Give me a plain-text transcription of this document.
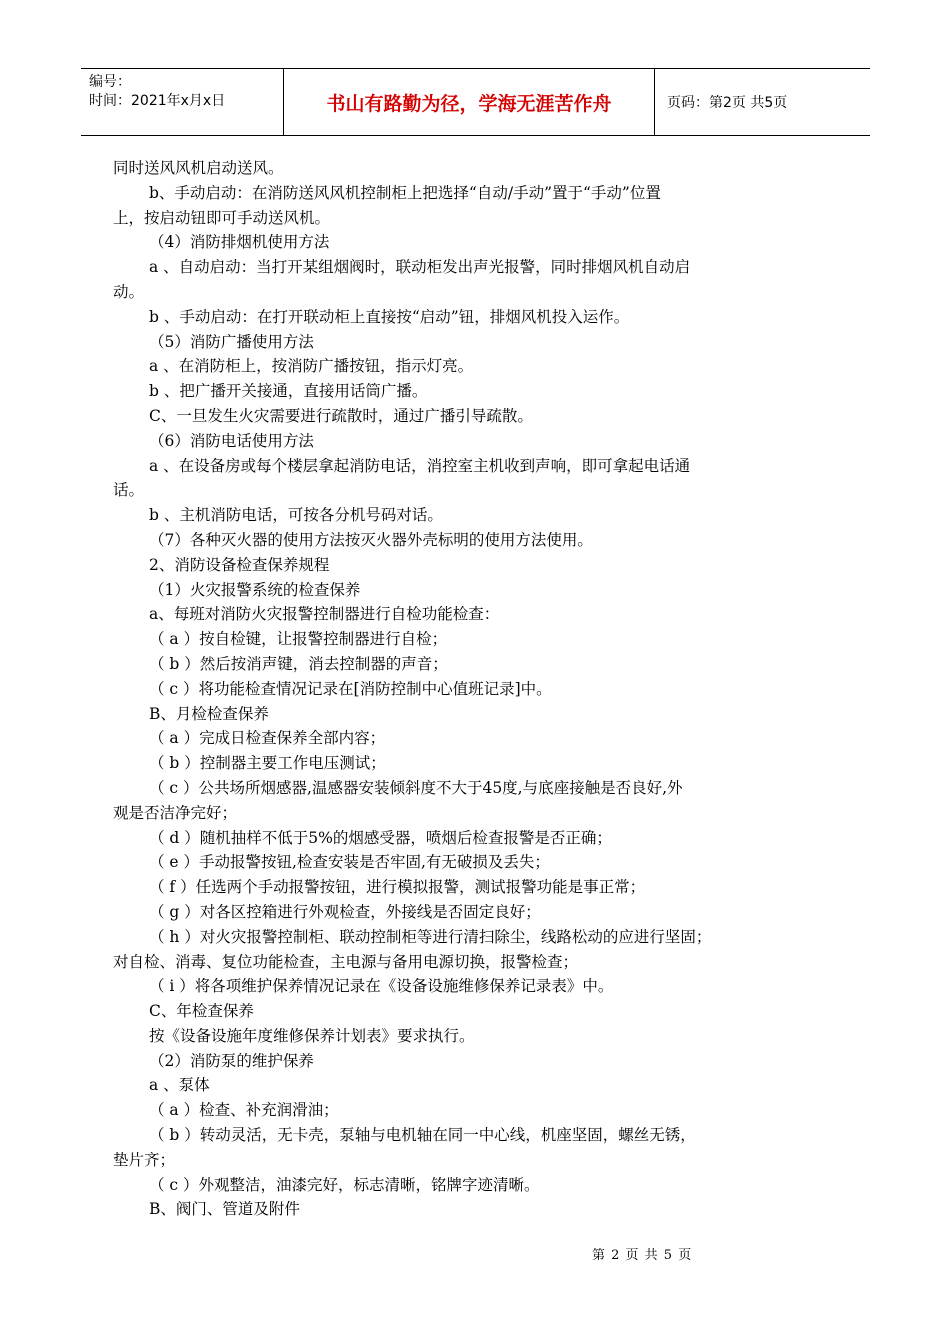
编号：
时间：2021年x月x日	书山有路勤为径，学海无涯苦作舟	页码：第2页 共5页
同时送风风机启动送风。
b、手动启动：在消防送风风机控制柜上把选择“自动/手动”置于“手动”位置
上，按启动钮即可手动送风机。
（4）消防排烟机使用方法
a 、自动启动：当打开某组烟阀时，联动柜发出声光报警，同时排烟风机自动启
动。
b 、手动启动：在打开联动柜上直接按“启动”钮，排烟风机投入运作。
（5）消防广播使用方法
a 、在消防柜上，按消防广播按钮，指示灯亮。
b 、把广播开关接通，直接用话筒广播。
C、一旦发生火灾需要进行疏散时，通过广播引导疏散。
（6）消防电话使用方法
a 、在设备房或每个楼层拿起消防电话，消控室主机收到声响，即可拿起电话通
话。
b 、主机消防电话，可按各分机号码对话。
（7）各种灭火器的使用方法按灭火器外壳标明的使用方法使用。
2、消防设备检查保养规程
（1）火灾报警系统的检查保养
a、每班对消防火灾报警控制器进行自检功能检查：
（ a ）按自检键，让报警控制器进行自检；
（ b ）然后按消声键，消去控制器的声音；
（ c ）将功能检查情况记录在[消防控制中心值班记录]中。
B、月检检查保养
（ a ）完成日检查保养全部内容；
（ b ）控制器主要工作电压测试；
（ c ）公共场所烟感器,温感器安装倾斜度不大于45度,与底座接触是否良好,外
观是否洁净完好；
（ d ）随机抽样不低于5%的烟感受器，喷烟后检查报警是否正确；
（ e ）手动报警按钮,检查安装是否牢固,有无破损及丢失；
（ f ）任选两个手动报警按钮，进行模拟报警，测试报警功能是事正常；
（ g ）对各区控箱进行外观检查，外接线是否固定良好；
（ h ）对火灾报警控制柜、联动控制柜等进行清扫除尘，线路松动的应进行坚固；
对自检、消毒、复位功能检查，主电源与备用电源切换，报警检查；
（ i ）将各项维护保养情况记录在《设备设施维修保养记录表》中。
C、年检查保养
按《设备设施年度维修保养计划表》要求执行。
（2）消防泵的维护保养
a 、泵体
（ a ）检查、补充润滑油；
（ b ）转动灵活，无卡壳，泵轴与电机轴在同一中心线，机座坚固，螺丝无锈，
垫片齐；
（ c ）外观整洁，油漆完好，标志清晰，铭牌字迹清晰。
B、阀门、管道及附件
第 2 页 共 5 页
